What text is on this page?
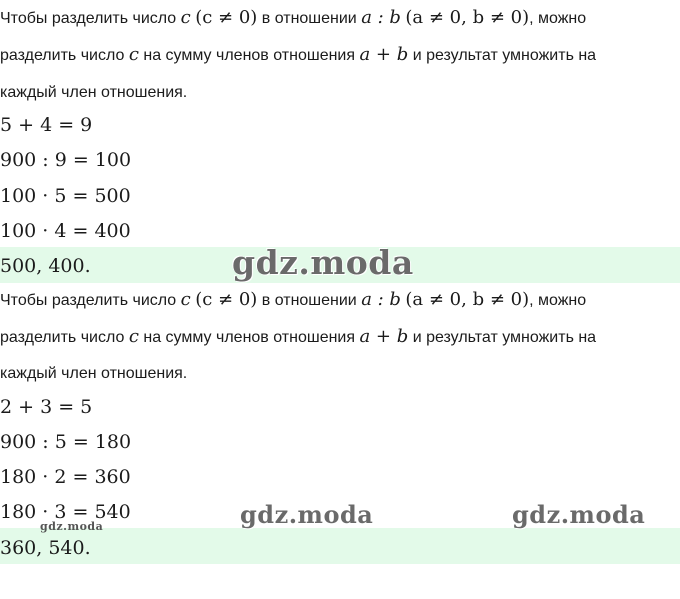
Чтобы разделить число c (c ≠ 0) в отношении a : b (a ≠ 0, b ≠ 0), можно
разделить число c на сумму членов отношения a + b и результат умножить на
каждый член отношения.
5 + 4 = 9
900 : 9 = 100
100 · 5 = 500
100 · 4 = 400
500, 400.
Чтобы разделить число c (c ≠ 0) в отношении a : b (a ≠ 0, b ≠ 0), можно
разделить число c на сумму членов отношения a + b и результат умножить на
каждый член отношения.
2 + 3 = 5
900 : 5 = 180
180 · 2 = 360
180 · 3 = 540
360, 540.
gdz.moda
gdz.moda	gdz.moda
gdz.moda
